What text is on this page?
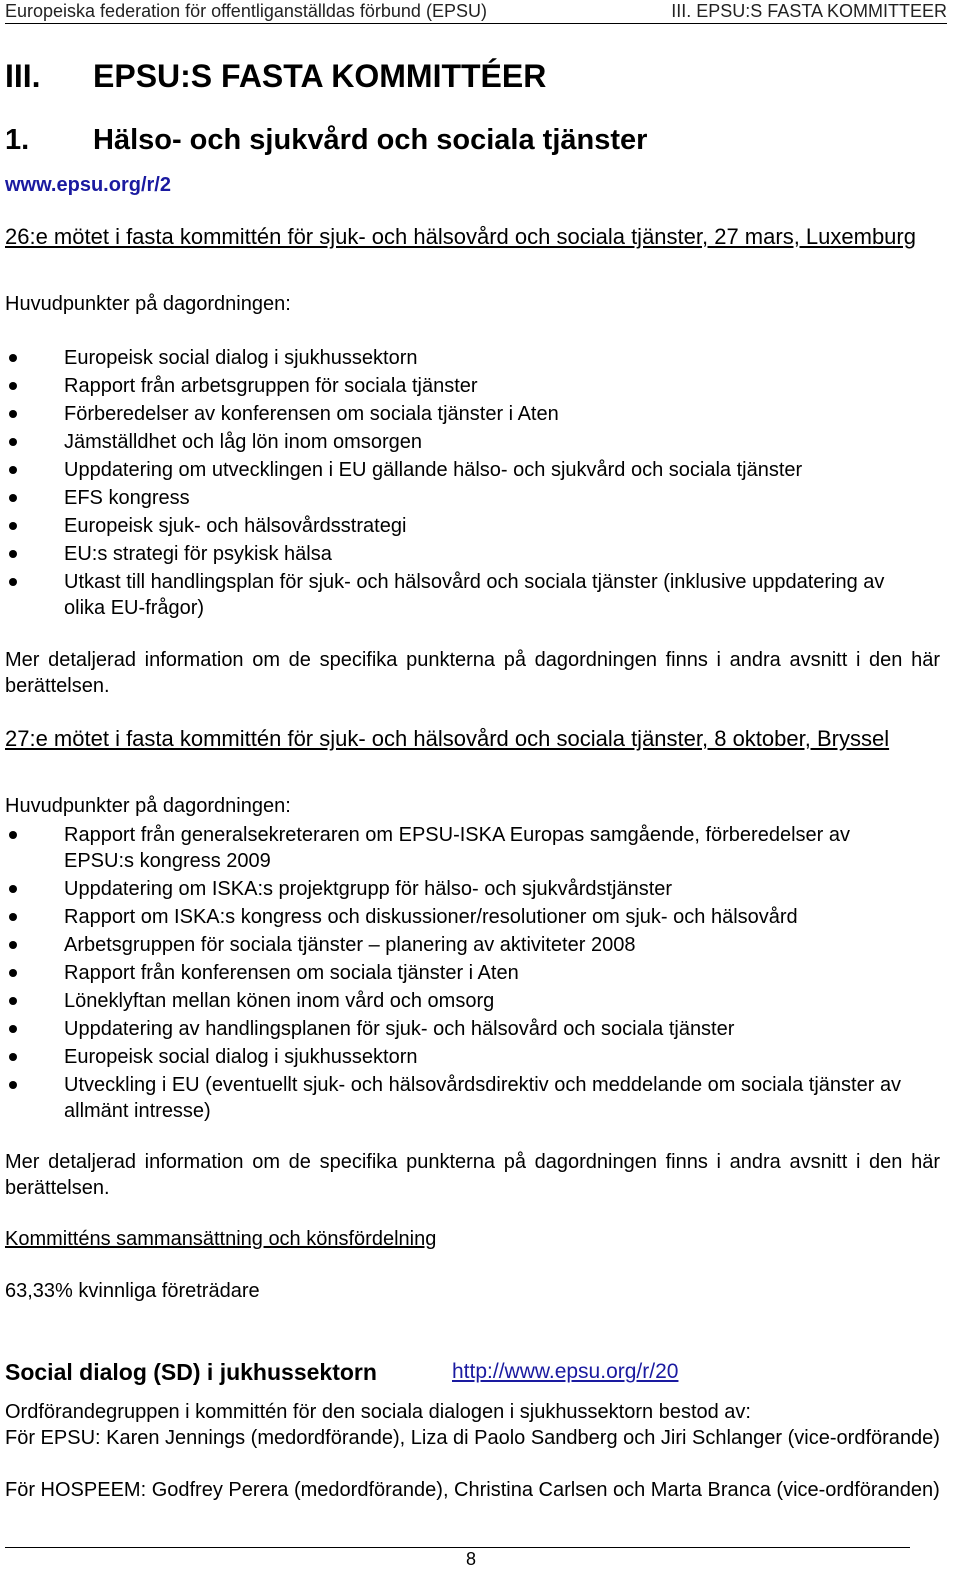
Europeiska federation för offentliganställdas förbund (EPSU)	III. EPSU:S FASTA KOMMITTEER
III. EPSU:S FASTA KOMMITTÉER
1. Hälso- och sjukvård och sociala tjänster
www.epsu.org/r/2
26:e mötet i fasta kommittén för sjuk- och hälsovård och sociala tjänster, 27 mars, Luxemburg
Huvudpunkter på dagordningen:
Europeisk social dialog i sjukhussektorn
Rapport från arbetsgruppen för sociala tjänster
Förberedelser av konferensen om sociala tjänster i Aten
Jämställdhet och låg lön inom omsorgen
Uppdatering om utvecklingen i EU gällande hälso- och sjukvård och sociala tjänster
EFS kongress
Europeisk sjuk- och hälsovårdsstrategi
EU:s strategi för psykisk hälsa
Utkast till handlingsplan för sjuk- och hälsovård och sociala tjänster (inklusive uppdatering av olika EU-frågor)
Mer detaljerad information om de specifika punkterna på dagordningen finns i andra avsnitt i den här berättelsen.
27:e mötet i fasta kommittén för sjuk- och hälsovård och sociala tjänster, 8 oktober, Bryssel
Huvudpunkter på dagordningen:
Rapport från generalsekreteraren om EPSU-ISKA Europas samgående, förberedelser av EPSU:s kongress 2009
Uppdatering om ISKA:s projektgrupp för hälso- och sjukvårdstjänster
Rapport om ISKA:s kongress och diskussioner/resolutioner om sjuk- och hälsovård
Arbetsgruppen för sociala tjänster – planering av aktiviteter 2008
Rapport från konferensen om sociala tjänster i Aten
Löneklyftan mellan könen inom vård och omsorg
Uppdatering av handlingsplanen för sjuk- och hälsovård och sociala tjänster
Europeisk social dialog i sjukhussektorn
Utveckling i EU (eventuellt sjuk- och hälsovårdsdirektiv och meddelande om sociala tjänster av allmänt intresse)
Mer detaljerad information om de specifika punkterna på dagordningen finns i andra avsnitt i den här berättelsen.
Kommitténs sammansättning och könsfördelning
63,33% kvinnliga företrädare
Social dialog (SD) i jukhussektorn	http://www.epsu.org/r/20
Ordförandegruppen i kommittén för den sociala dialogen i sjukhussektorn bestod av:
För EPSU: Karen Jennings (medordförande), Liza di Paolo Sandberg och Jiri Schlanger (vice-ordförande)
För HOSPEEM: Godfrey Perera (medordförande), Christina Carlsen och Marta Branca (vice-ordföranden)
8
